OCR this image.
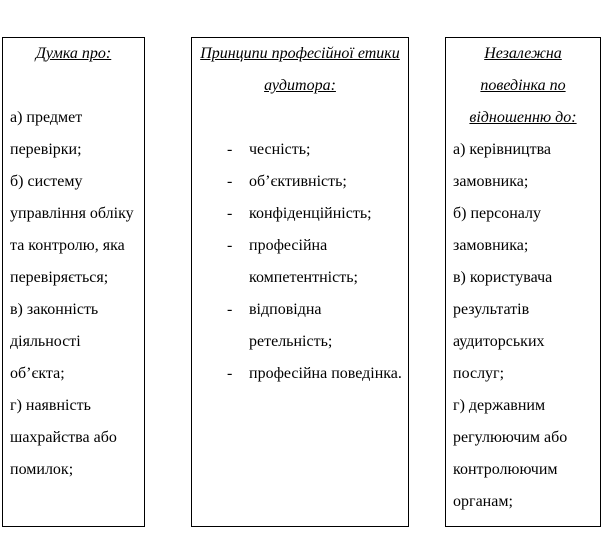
Думка про:

а) предмет перевірки;
б) систему управління обліку та контролю, яка перевіряється;
в) законність діяльності об’єкта;
г) наявність шахрайства або помилок;

Принципи професійної етики аудитора:

- чесність;
- об’єктивність;
- конфіденційність;
- професійна компетентність;
- відповідна ретельність;
- професійна поведінка.

Незалежна поведінка по відношенню до:

а) керівництва замовника;
б) персоналу замовника;
в) користувача результатів аудиторських послуг;
г) державним регулюючим або контролюючим органам;
